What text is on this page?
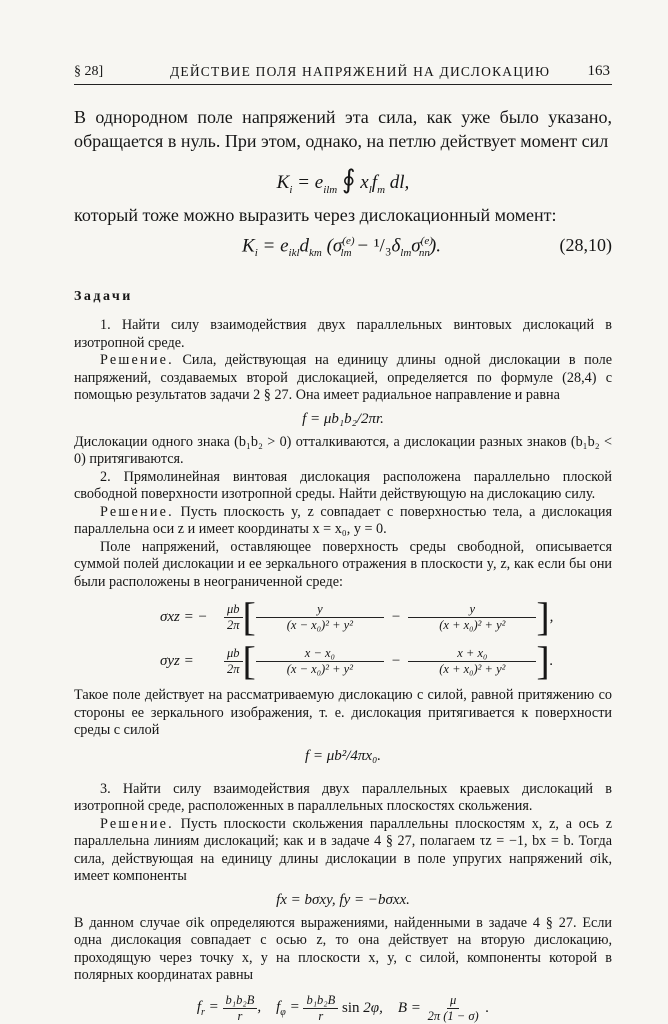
§ 28]	ДЕЙСТВИЕ ПОЛЯ НАПРЯЖЕНИЙ НА ДИСЛОКАЦИЮ 163

В однородном поле напряжений эта сила, как уже было указано, обращается в нуль. При этом, однако, на петлю действует момент сил

$K_i = e_{ilm}$ ∮ $x_lf_m$ dl,

который тоже можно выразить через дислокационный момент:

$K_i = e_{ikl}d_{km}$ $(\sigma^{(e)}_{lm} - ^1/_3\delta_{lm}\sigma^{(e)}_{nn})$.	(28,10)
Задачи

1. Найти силу взаимодействия двух параллельных винтовых дислокаций в изотропной среде.

Решение. Сила, действующая на единицу длины одной дислокации в поле напряжений, создаваемых второй дислокацией, определяется по формуле (28,4) с помощью результатов задачи 2 § 27. Она имеет радиальное направление и равна

f = μb₁b₂/2πr.

Дислокации одного знака (b₁b₂ > 0) отталкиваются, а дислокации разных знаков (b₁b₂ < 0) притягиваются.

2. Прямолинейная винтовая дислокация расположена параллельно плоской свободной поверхности изотропной среды. Найти действующую на дислокацию силу.

Решение. Пусть плоскость y, z совпадает с поверхностью тела, а дислокация параллельна оси z и имеет координаты x = x₀, y = 0.

Поле напряжений, оставляющее поверхность среды свободной, описывается суммой полей дислокации и ее зеркального отражения в плоскости y, z, как если бы они были расположены в неограниченной среде:

σxz = −	$\frac{\mu b}{2\pi}$ [ $\frac{y}{\text{(x − x₀)² + y²}} - \frac{y}{\text{(x + x₀)² + y²}}$ ] ,
σyz =	$\frac{\mu b}{2\pi}$ [ $\frac{\text{x − x₀}}{\text{(x − x₀)² + y²}} - \frac{\text{x + x₀}}{\text{(x + x₀)² + y²}}$ ] .

Такое поле действует на рассматриваемую дислокацию с силой, равной притяжению со стороны ее зеркального изображения, т. е. дислокация притягивается к поверхности среды с силой

f = μb²/4πx₀.

3. Найти силу взаимодействия двух параллельных краевых дислокаций в изотропной среде, расположенных в параллельных плоскостях скольжения.

Решение. Пусть плоскости скольжения параллельны плоскостям x, z, а ось z параллельна линиям дислокаций; как и в задаче 4 § 27, полагаем τz = −1, bx = b. Тогда сила, действующая на единицу длины дислокации в поле упругих напряжений σik, имеет компоненты

fx = bσxy, fy = −bσxx.

В данном случае σik определяются выражениями, найденными в задаче 4 § 27. Если одна дислокация совпадает с осью z, то она действует на вторую дислокацию, проходящую через точку x, y на плоскости x, y, с силой, компоненты которой в полярных координатах равны

$f_r = \frac{\text{b₁b₂B}}{r}$ ,    $f_\varphi = \frac{\text{b₁b₂B}}{r}$ sin 2φ,    $B = \frac{\mu}{2\pi (1 - \sigma)}$ .
